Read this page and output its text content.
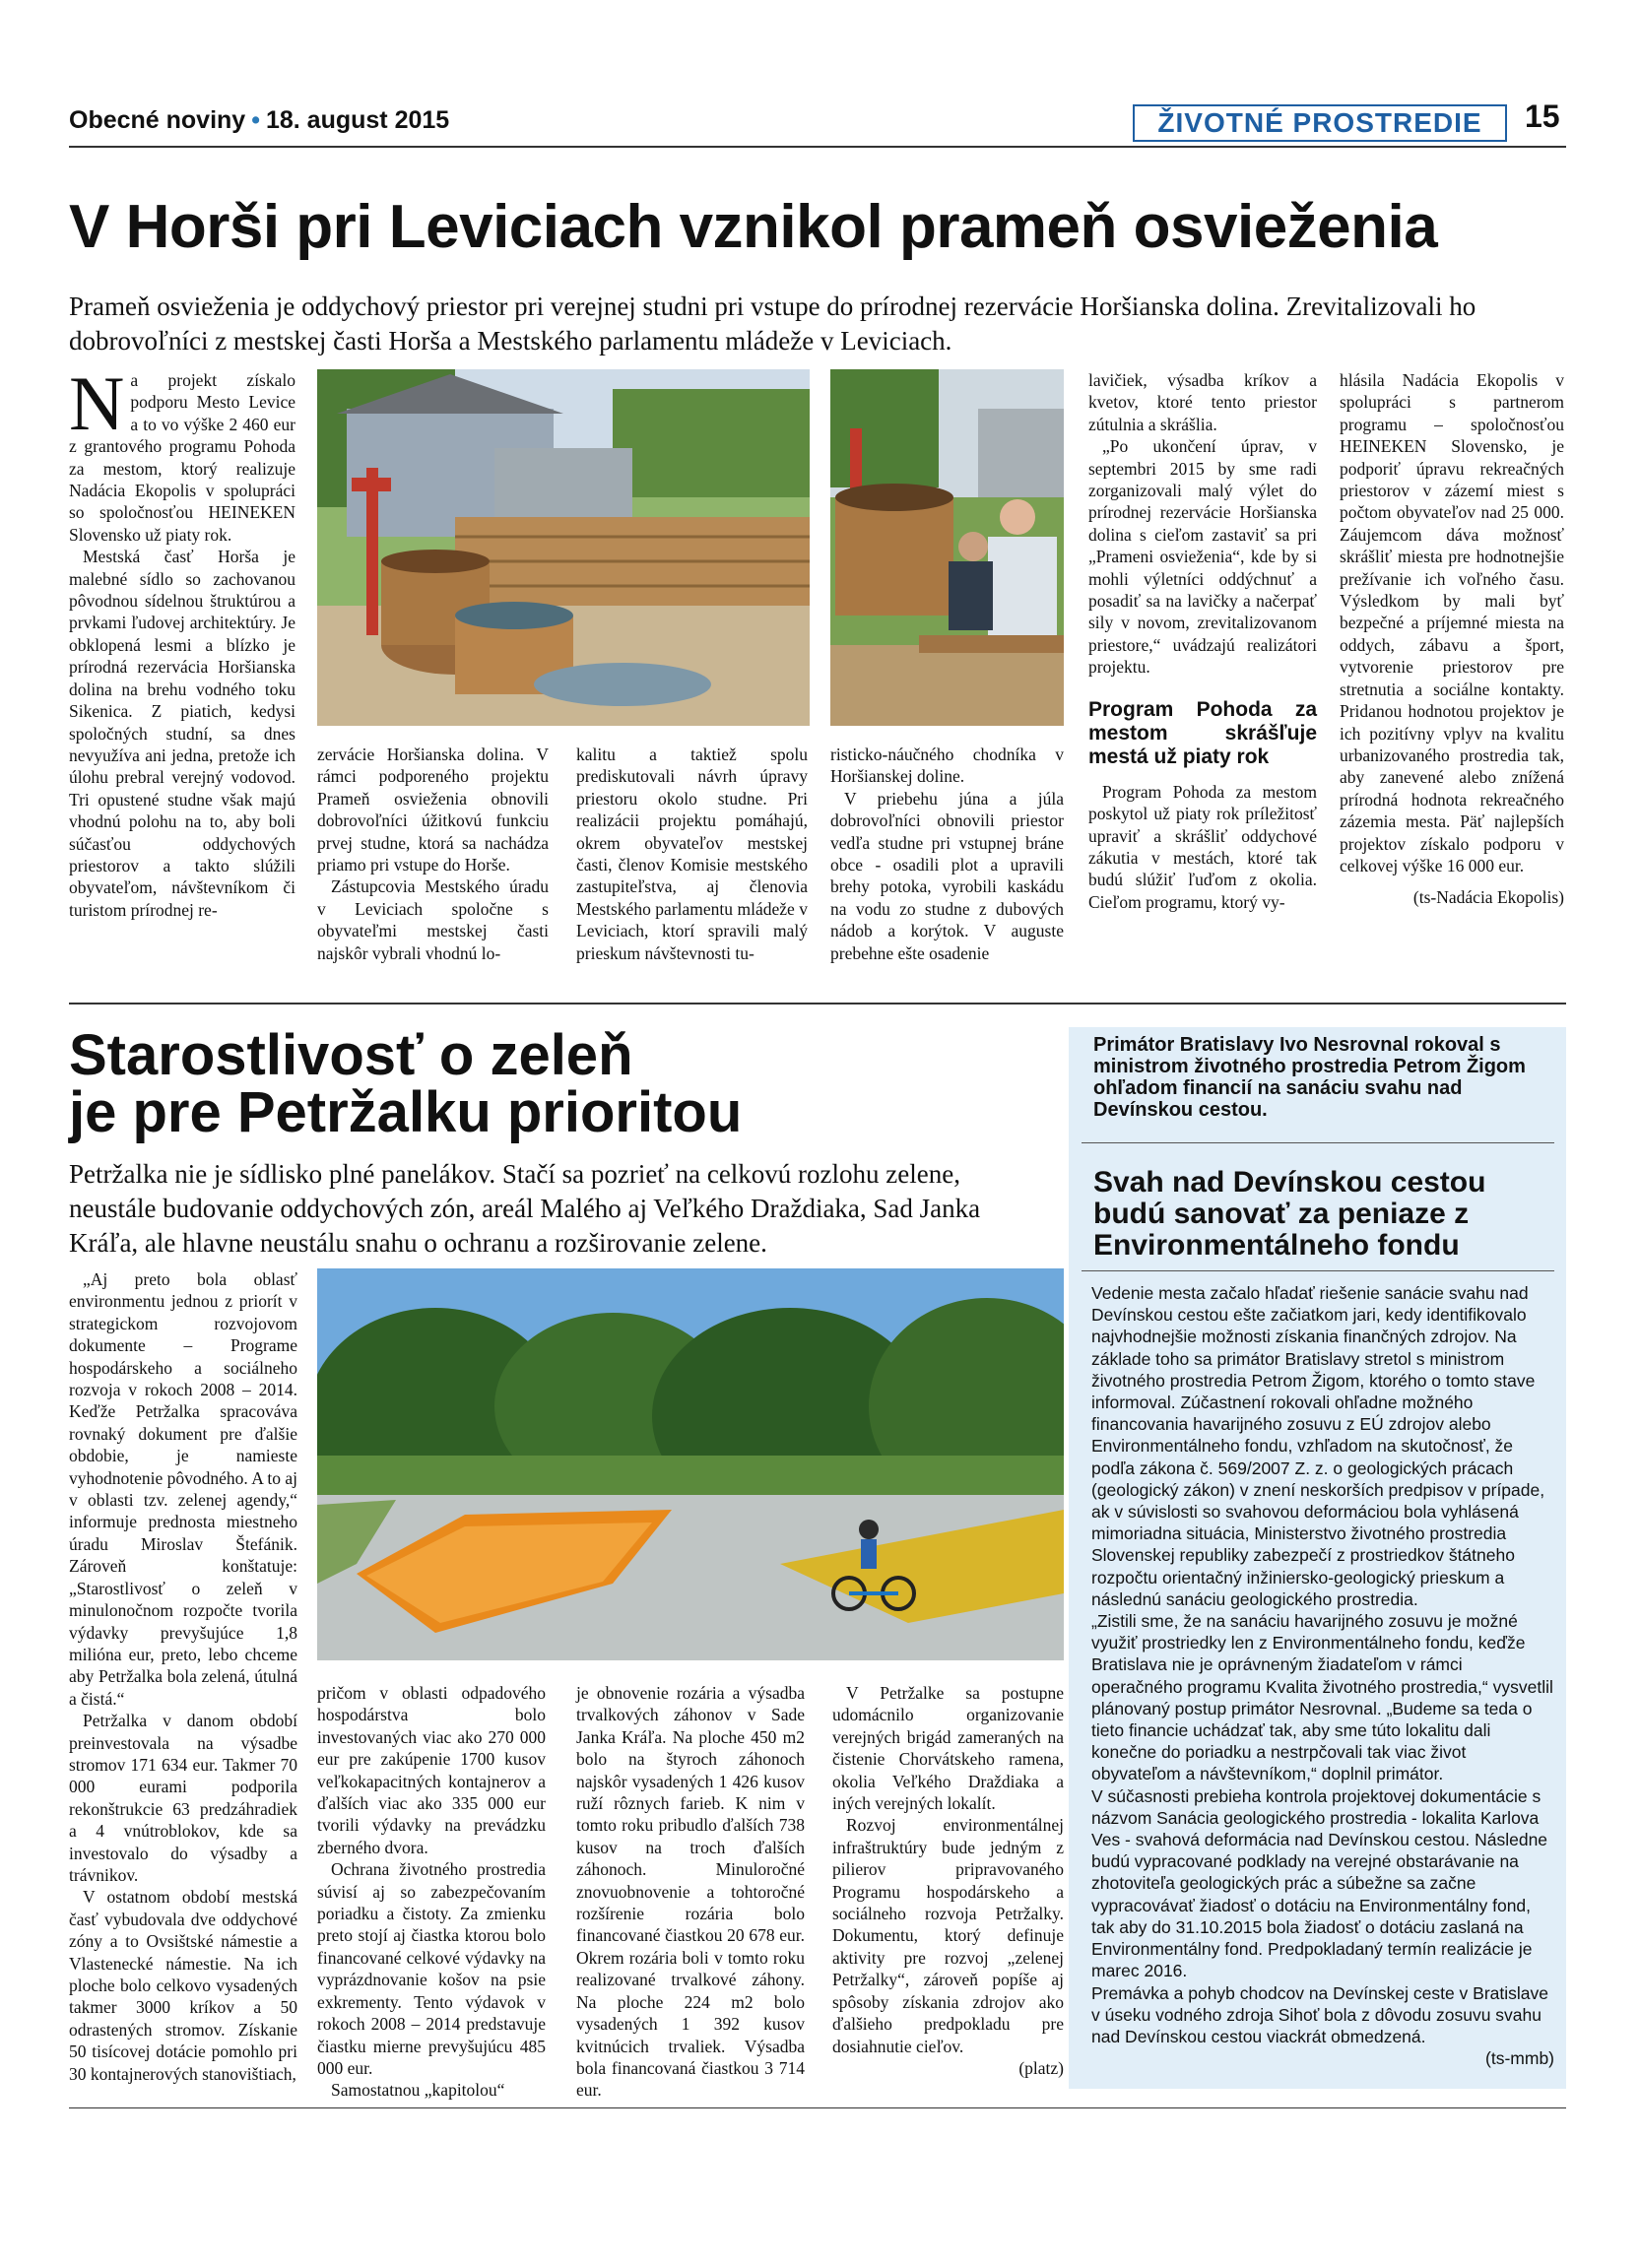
Obecné noviny • 18. august 2015	ŽIVOTNÉ PROSTREDIE	15
V Horši pri Leviciach vznikol prameň osvieženia
Prameň osvieženia je oddychový priestor pri verejnej studni pri vstupe do prírodnej rezervácie Horšianska dolina. Zrevitalizovali ho dobrovoľníci z mestskej časti Horša a Mestského parlamentu mládeže v Leviciach.
N a projekt získalo podporu Mesto Levice a to vo výške 2 460 eur z grantového programu Pohoda za mestom, ktorý realizuje Nadácia Ekopolis v spolupráci so spoločnosťou HEINEKEN Slovensko už piaty rok.

Mestská časť Horša je malebné sídlo so zachovanou pôvodnou sídelnou štruktúrou a prvkami ľudovej architektúry. Je obklopená lesmi a blízko je prírodná rezervácia Horšianska dolina na brehu vodného toku Sikenica. Z piatich, kedysi spoločných studní, sa dnes nevyužíva ani jedna, pretože ich úlohu prebral verejný vodovod. Tri opustené studne však majú vhodnú polohu na to, aby boli súčasťou oddychových priestorov a takto slúžili obyvateľom, návštevníkom či turistom prírodnej re-

zervácie Horšianska dolina. V rámci podporeného projektu Prameň osvieženia obnovili dobrovoľníci úžitkovú funkciu prvej studne, ktorá sa nachádza priamo pri vstupe do Horše.

Zástupcovia Mestského úradu v Leviciach spoločne s obyvateľmi mestskej časti najskôr vybrali vhodnú lo-

kalitu a taktiež spolu prediskutovali návrh úpravy priestoru okolo studne. Pri realizácii projektu pomáhajú, okrem obyvateľov mestskej časti, členov Komisie mestského zastupiteľstva, aj členovia Mestského parlamentu mládeže v Leviciach, ktorí spravili malý prieskum návštevnosti tu-

risticko-náučného chodníka v Horšianskej doline.

V priebehu júna a júla dobrovoľníci obnovili priestor vedľa studne pri vstupnej bráne obce - osadili plot a upravili brehy potoka, vyrobili kaskádu na vodu zo studne z dubových nádob a korýtok. V auguste prebehne ešte osadenie

lavičiek, výsadba kríkov a kvetov, ktoré tento priestor zútulnia a skrášlia.

„Po ukončení úprav, v septembri 2015 by sme radi zorganizovali malý výlet do prírodnej rezervácie Horšianska dolina s cieľom zastaviť sa pri „Prameni osvieženia“, kde by si mohli výletníci oddýchnuť a posadiť sa na lavičky a načerpať sily v novom, zrevitalizovanom priestore,“ uvádzajú realizátori projektu.

Program Pohoda za mestom skrášľuje mestá už piaty rok

Program Pohoda za mestom poskytol už piaty rok príležitosť upraviť a skrášliť oddychové zákutia v mestách, ktoré tak budú slúžiť ľuďom z okolia. Cieľom programu, ktorý vy-

hlásila Nadácia Ekopolis v spolupráci s partnerom programu – spoločnosťou HEINEKEN Slovensko, je podporiť úpravu rekreačných priestorov v zázemí miest s počtom obyvateľov nad 25 000. Záujemcom dáva možnosť skrášliť miesta pre hodnotnejšie prežívanie ich voľného času. Výsledkom by mali byť bezpečné a príjemné miesta na oddych, zábavu a šport, vytvorenie priestorov pre stretnutia a sociálne kontakty. Pridanou hodnotou projektov je ich pozitívny vplyv na kvalitu urbanizovaného prostredia tak, aby zanevené alebo znížená prírodná hodnota rekreačného zázemia mesta. Päť najlepších projektov získalo podporu v celkovej výške 16 000 eur.

(ts-Nadácia Ekopolis)

Starostlivosť o zeleň
je pre Petržalku prioritou
Petržalka nie je sídlisko plné panelákov. Stačí sa pozrieť na celkovú rozlohu zelene, neustále budovanie oddychových zón, areál Malého aj Veľkého Draždiaka, Sad Janka Kráľa, ale hlavne neustálu snahu o ochranu a rozširovanie zelene.

„Aj preto bola oblasť environmentu jednou z priorít v strategickom rozvojovom dokumente – Programe hospodárskeho a sociálneho rozvoja v rokoch 2008 – 2014. Keďže Petržalka spracováva rovnaký dokument pre ďalšie obdobie, je namieste vyhodnotenie pôvodného. A to aj v oblasti tzv. zelenej agendy,“ informuje prednosta miestneho úradu Miroslav Štefánik. Zároveň konštatuje: „Starostlivosť o zeleň v minulonočnom rozpočte tvorila výdavky prevyšujúce 1,8 milióna eur, preto, lebo chceme aby Petržalka bola zelená, útulná a čistá.“

Petržalka v danom období preinvestovala na výsadbe stromov 171 634 eur. Takmer 70 000 eurami podporila rekonštrukcie 63 predzáhradiek a 4 vnútroblokov, kde sa investovalo do výsadby a trávnikov.

V ostatnom období mestská časť vybudovala dve oddychové zóny a to Ovsištské námestie a Vlastenecké námestie. Na ich ploche bolo celkovo vysadených takmer 3000 kríkov a 50 odrastených stromov. Získanie 50 tisícovej dotácie pomohlo pri 30 kontajnerových stanovištiach,

pričom v oblasti odpadového hospodárstva bolo investovaných viac ako 270 000 eur pre zakúpenie 1700 kusov veľkokapacitných kontajnerov a ďalších viac ako 335 000 eur tvorili výdavky na prevádzku zberného dvora.

Ochrana životného prostredia súvisí aj so zabezpečovaním poriadku a čistoty. Za zmienku preto stojí aj čiastka ktorou bolo financované celkové výdavky na vyprázdnovanie košov na psie exkrementy. Tento výdavok v rokoch 2008 – 2014 predstavuje čiastku mierne prevyšujúcu 485 000 eur.

Samostatnou „kapitolou“

je obnovenie rozária a výsadba trvalkových záhonov v Sade Janka Kráľa. Na ploche 450 m2 bolo na štyroch záhonoch najskôr vysadených 1 426 kusov ruží rôznych farieb. K nim v tomto roku pribudlo ďalších 738 kusov na troch ďalších záhonoch. Minuloročné znovuobnovenie a tohtoročné rozšírenie rozária bolo financované čiastkou 20 678 eur. Okrem rozária boli v tomto roku realizované trvalkové záhony. Na ploche 224 m2 bolo vysadených 1 392 kusov kvitnúcich trvaliek. Výsadba bola financovaná čiastkou 3 714 eur.

V Petržalke sa postupne udomácnilo organizovanie verejných brigád zameraných na čistenie Chorvátskeho ramena, okolia Veľkého Draždiaka a iných verejných lokalít.

Rozvoj environmentálnej infraštruktúry bude jedným z pilierov pripravovaného Programu hospodárskeho a sociálneho rozvoja Petržalky. Dokumentu, ktorý definuje aktivity pre rozvoj „zelenej Petržalky“, zároveň popíše aj spôsoby získania zdrojov ako ďalšieho predpokladu pre dosiahnutie cieľov.

(platz)

Primátor Bratislavy Ivo Nesrovnal rokoval s ministrom životného prostredia Petrom Žigom ohľadom financií na sanáciu svahu nad Devínskou cestou.
Svah nad Devínskou cestou budú sanovať za peniaze z Environmentálneho fondu

Vedenie mesta začalo hľadať riešenie sanácie svahu nad Devínskou cestou ešte začiatkom jari, kedy identifikovalo najvhodnejšie možnosti získania finančných zdrojov. Na základe toho sa primátor Bratislavy stretol s ministrom životného prostredia Petrom Žigom, ktorého o tomto stave informoval. Zúčastnení rokovali ohľadne možného financovania havarijného zosuvu z EÚ zdrojov alebo Environmentálneho fondu, vzhľadom na skutočnosť, že podľa zákona č. 569/2007 Z. z. o geologických prácach (geologický zákon) v znení neskorších predpisov v prípade, ak v súvislosti so svahovou deformáciou bola vyhlásená mimoriadna situácia, Ministerstvo životného prostredia Slovenskej republiky zabezpečí z prostriedkov štátneho rozpočtu orientačný inžiniersko-geologický prieskum a následnú sanáciu geologického prostredia.

„Zistili sme, že na sanáciu havarijného zosuvu je možné využiť prostriedky len z Environmentálneho fondu, keďže Bratislava nie je oprávneným žiadateľom v rámci operačného programu Kvalita životného prostredia,“ vysvetlil plánovaný postup primátor Nesrovnal. „Budeme sa teda o tieto financie uchádzať tak, aby sme túto lokalitu dali konečne do poriadku a nestrpčovali tak viac život obyvateľom a návštevníkom,“ doplnil primátor.

V súčasnosti prebieha kontrola projektovej dokumentácie s názvom Sanácia geologického prostredia - lokalita Karlova Ves - svahová deformácia nad Devínskou cestou. Následne budú vypracované podklady na verejné obstarávanie na zhotoviteľa geologických prác a súbežne sa začne vypracovávať žiadosť o dotáciu na Environmentálny fond, tak aby do 31.10.2015 bola žiadosť o dotáciu zaslaná na Environmentálny fond. Predpokladaný termín realizácie je marec 2016.

Premávka a pohyb chodcov na Devínskej ceste v Bratislave v úseku vodného zdroja Sihoť bola z dôvodu zosuvu svahu nad Devínskou cestou viackrát obmedzená.

(ts-mmb)
